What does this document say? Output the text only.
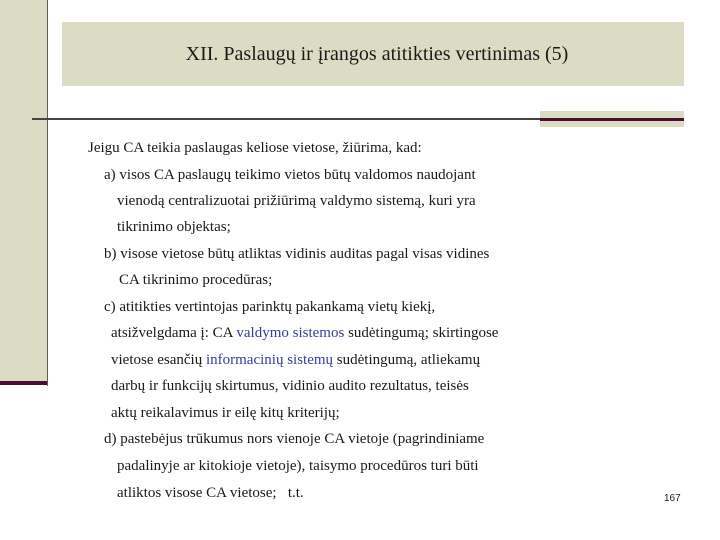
XII. Paslaugų ir įrangos atitikties vertinimas (5)
Jeigu CA teikia paslaugas keliose vietose, žiūrima, kad:
a) visos CA paslaugų teikimo vietos būtų valdomos naudojant
vienodą centralizuotai prižiūrimą valdymo sistemą, kuri yra
tikrinimo objektas;
b) visose vietose būtų atliktas vidinis auditas pagal visas vidines
CA tikrinimo procedūras;
c) atitikties vertintojas parinktų pakankamą vietų kiekį,
atsižvelgdama į: CA valdymo sistemos sudėtingumą; skirtingose
vietose esančių informacinių sistemų sudėtingumą, atliekamų
darbų ir funkcijų skirtumus, vidinio audito rezultatus, teisės
aktų reikalavimus ir eilę kitų kriterijų;
d) pastebėjus trūkumus nors vienoje CA vietoje (pagrindiniame
padalinyje ar kitokioje vietoje), taisymo procedūros turi būti
atliktos visose CA vietose;   t.t.	167
